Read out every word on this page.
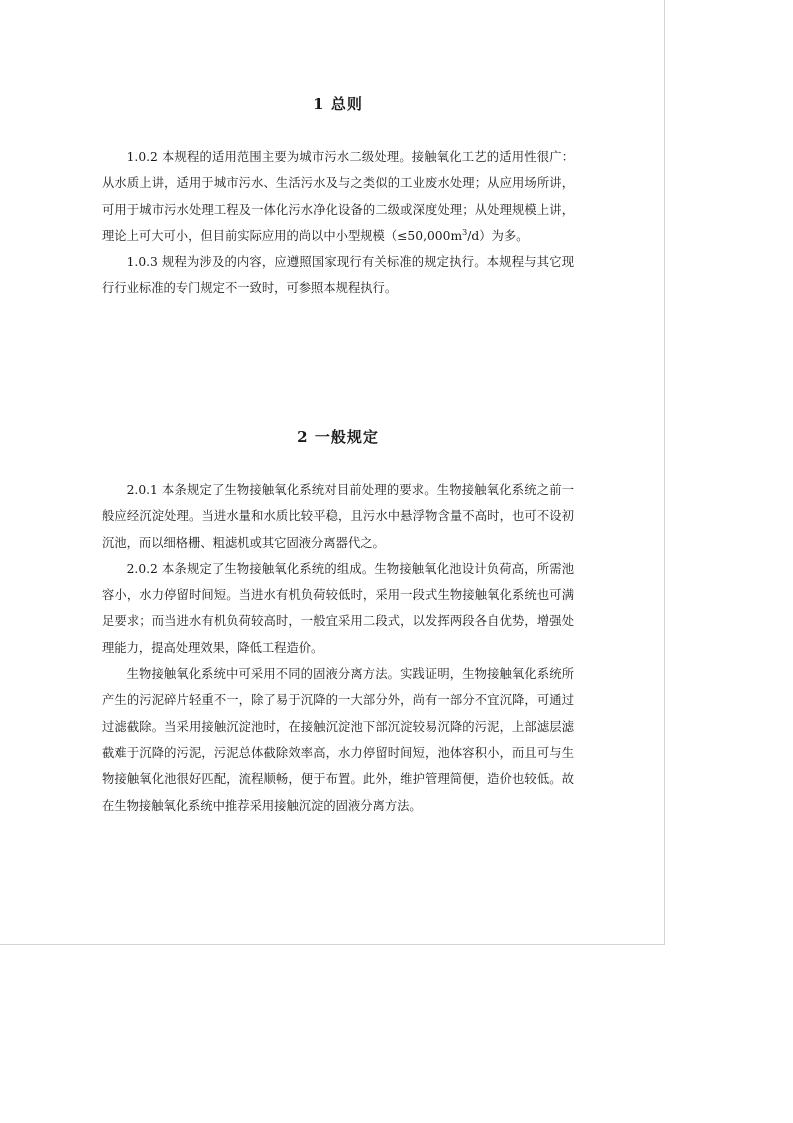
1 总则

1.0.2 本规程的适用范围主要为城市污水二级处理。接触氧化工艺的适用性很广：从水质上讲，适用于城市污水、生活污水及与之类似的工业废水处理；从应用场所讲，可用于城市污水处理工程及一体化污水净化设备的二级或深度处理；从处理规模上讲，理论上可大可小，但目前实际应用的尚以中小型规模$(\le 50,000m^3/d)$为多。

1.0.3 规程为涉及的内容，应遵照国家现行有关标准的规定执行。本规程与其它现行行业标准的专门规定不一致时，可参照本规程执行。

2 一般规定

2.0.1 本条规定了生物接触氧化系统对目前处理的要求。生物接触氧化系统之前一般应经沉淀处理。当进水量和水质比较平稳，且污水中悬浮物含量不高时，也可不设初沉池，而以细格栅、粗滤机或其它固液分离器代之。

2.0.2 本条规定了生物接触氧化系统的组成。生物接触氧化池设计负荷高，所需池容小，水力停留时间短。当进水有机负荷较低时，采用一段式生物接触氧化系统也可满足要求；而当进水有机负荷较高时，一般宜采用二段式，以发挥两段各自优势，增强处理能力，提高处理效果，降低工程造价。

生物接触氧化系统中可采用不同的固液分离方法。实践证明，生物接触氧化系统所产生的污泥碎片轻重不一，除了易于沉降的一大部分外，尚有一部分不宜沉降，可通过过滤截除。当采用接触沉淀池时，在接触沉淀池下部沉淀较易沉降的污泥，上部滤层滤截难于沉降的污泥，污泥总体截除效率高，水力停留时间短，池体容积小，而且可与生物接触氧化池很好匹配，流程顺畅，便于布置。此外，维护管理简便，造价也较低。故在生物接触氧化系统中推荐采用接触沉淀的固液分离方法。
